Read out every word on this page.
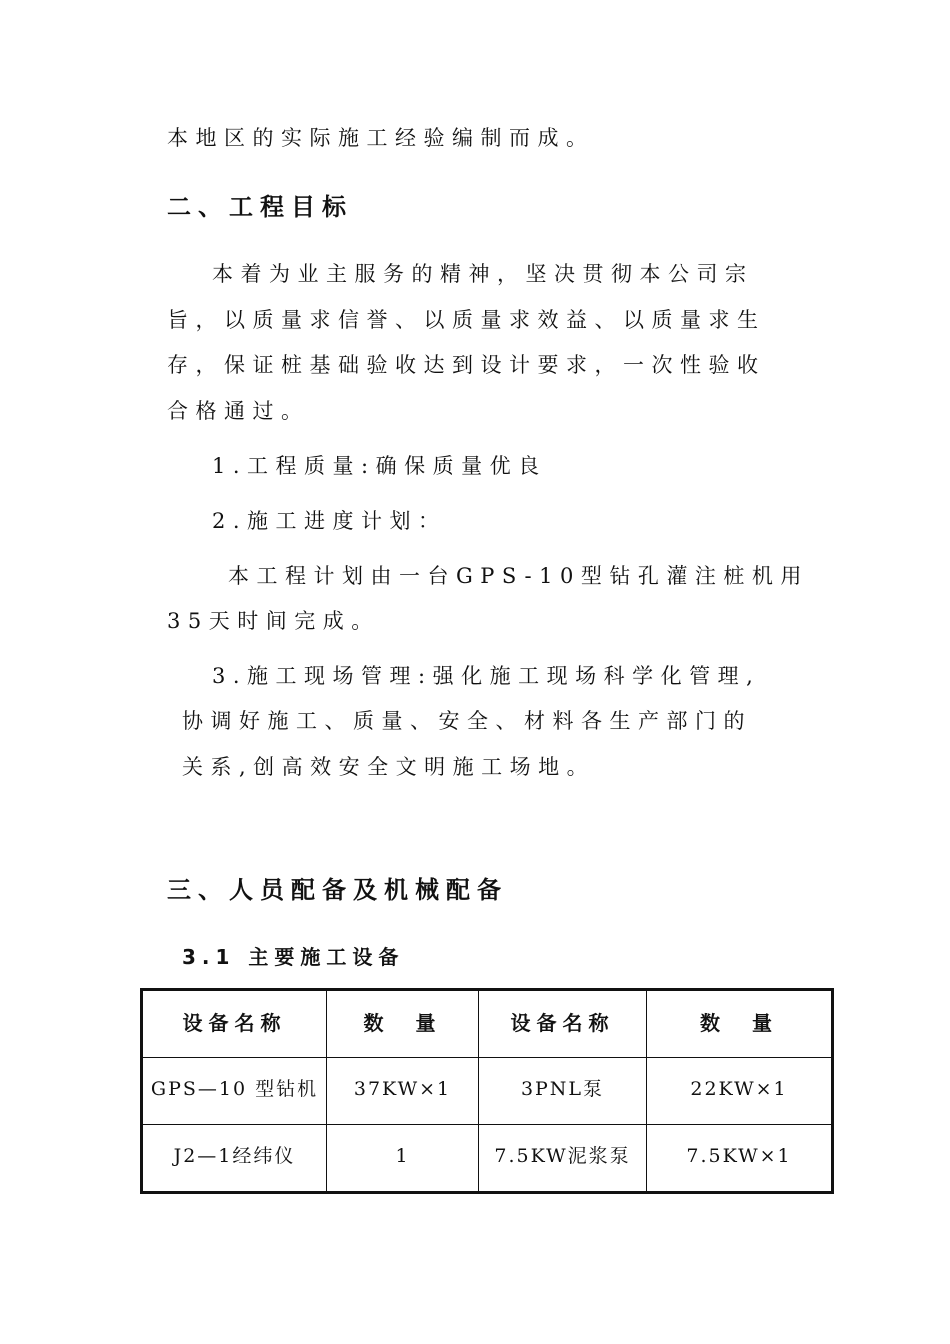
本地区的实际施工经验编制而成。
二、工程目标
本着为业主服务的精神，坚决贯彻本公司宗
旨，以质量求信誉、以质量求效益、以质量求生
存，保证桩基础验收达到设计要求，一次性验收
合格通过。
1.工程质量:确保质量优良
2.施工进度计划：
本工程计划由一台GPS-10型钻孔灌注桩机用
35天时间完成。
3.施工现场管理:强化施工现场科学化管理,
协调好施工、质量、安全、材料各生产部门的
关系,创高效安全文明施工场地。
三、人员配备及机械配备
3.1 主要施工设备
设备名称	数　量	设备名称	数　量

GPS—10 型钻机	37KW×1	3PNL泵	22KW×1

J2—1经纬仪	1	7.5KW泥浆泵	7.5KW×1
